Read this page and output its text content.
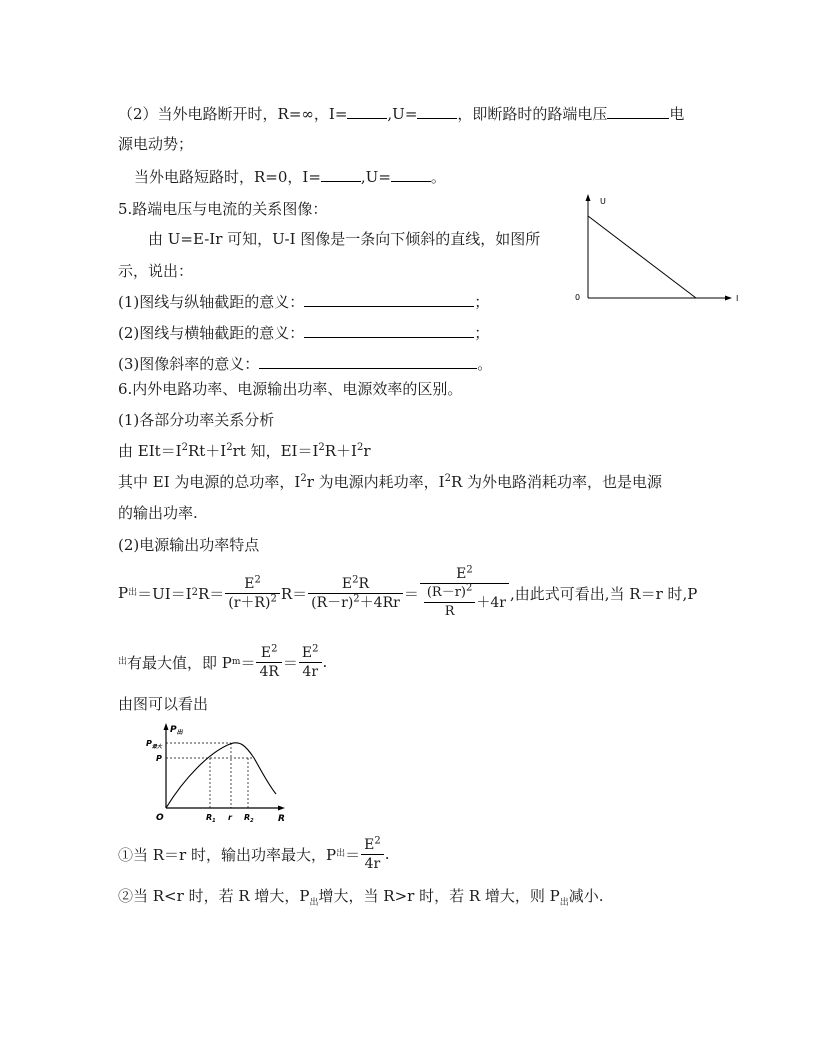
（2）当外电路断开时，R=∞，I=	,U=	，即断路时的路端电压	电
源电动势；
当外电路短路时，R=0，I=	,U=	。
5.路端电压与电流的关系图像：
由 U=E-Ir 可知，U-I 图像是一条向下倾斜的直线，如图所
示，说出：
(1)图线与纵轴截距的意义：	；
(2)图线与横轴截距的意义：	；
(3)图像斜率的意义：	。
U
I
0
6.内外电路功率、电源输出功率、电源效率的区别。
(1)各部分功率关系分析
由 $EIt=I^2Rt+I^2rt$ 知，$EI=I^2R+I^2r$
其中 EI 为电源的总功率，$I^2r$ 为电源内耗功率，$I^2R$ 为外电路消耗功率，也是电源
的输出功率.
(2)电源输出功率特点
P 出 ＝UI＝I 2 $R= \frac{E^2}{(r+R)^2} R= \frac{E^2R}{(R-r)^2+4Rr} = \frac{E^2}{\frac{(R-r)^2}{R} +4r}$ ,由此式可看出,当 R＝r 时,P
出 有最大值，即 P $m = \frac{E^2}{4R} = \frac{E^2}{4r}$ .
由图可以看出
$P_出$
$P_{最大}$
P
O	$R_1$ r $R_2$	R
①当 R＝r 时，输出功率最大，P 出 ＝ $\frac{E^2}{4r}$ .
②当 R<r 时，若 R 增大，$P_出$增大，当 R>r 时，若 R 增大，则 $P_出$减小.
